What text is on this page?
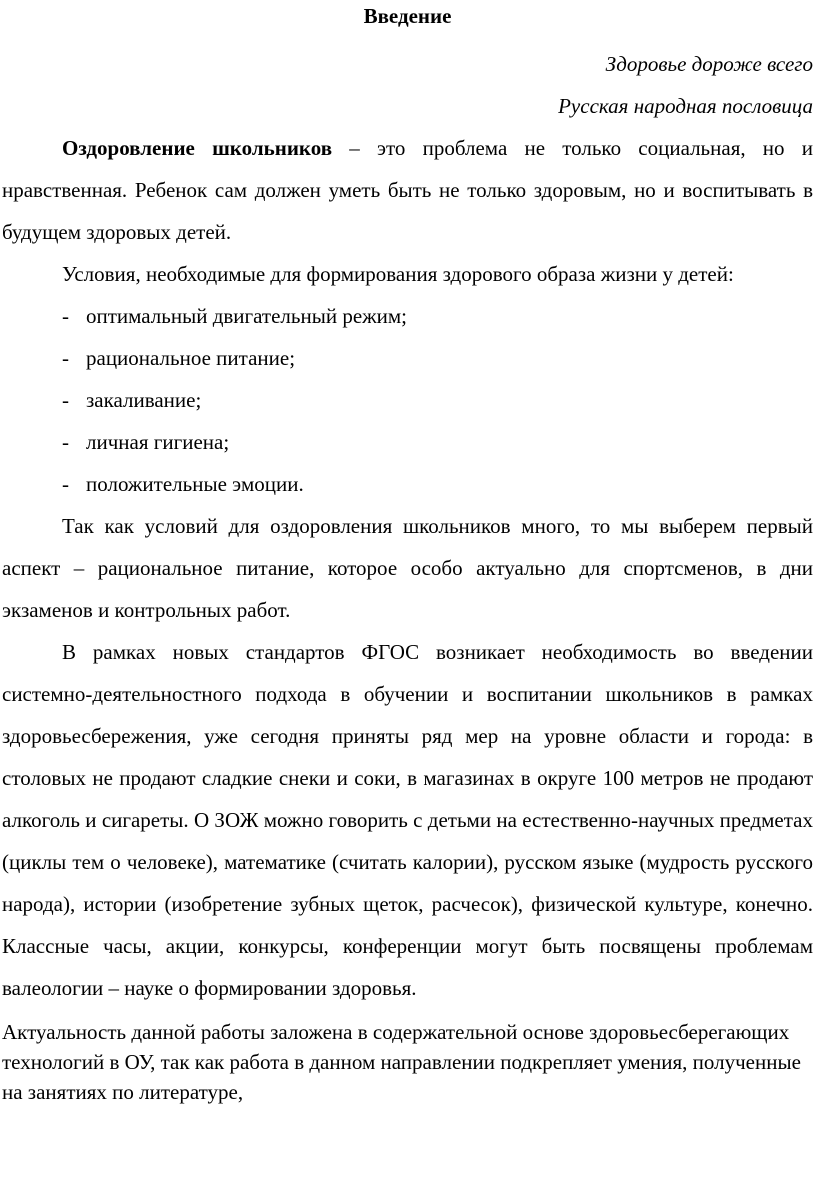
Введение

Здоровье дороже всего

Русская народная пословица

Оздоровление школьников – это проблема не только социальная, но и нравственная. Ребенок сам должен уметь быть не только здоровым, но и воспитывать в будущем здоровых детей.

Условия, необходимые для формирования здорового образа жизни у детей:

- оптимальный двигательный режим;
- рациональное питание;
- закаливание;
- личная гигиена;
- положительные эмоции.

Так как условий для оздоровления школьников много, то мы выберем первый аспект – рациональное питание, которое особо актуально для спортсменов, в дни экзаменов и контрольных работ.

В рамках новых стандартов ФГОС возникает необходимость во введении системно-деятельностного подхода в обучении и воспитании школьников в рамках здоровьесбережения, уже сегодня приняты ряд мер на уровне области и города: в столовых не продают сладкие снеки и соки, в магазинах в округе 100 метров не продают алкоголь и сигареты. О ЗОЖ можно говорить с детьми на естественно-научных предметах (циклы тем о человеке), математике (считать калории), русском языке (мудрость русского народа), истории (изобретение зубных щеток, расчесок), физической культуре, конечно. Классные часы, акции, конкурсы, конференции могут быть посвящены проблемам валеологии – науке о формировании здоровья.

Актуальность данной работы заложена в содержательной основе здоровьесберегающих технологий в ОУ, так как работа в данном направлении подкрепляет умения, полученные на занятиях по литературе,
